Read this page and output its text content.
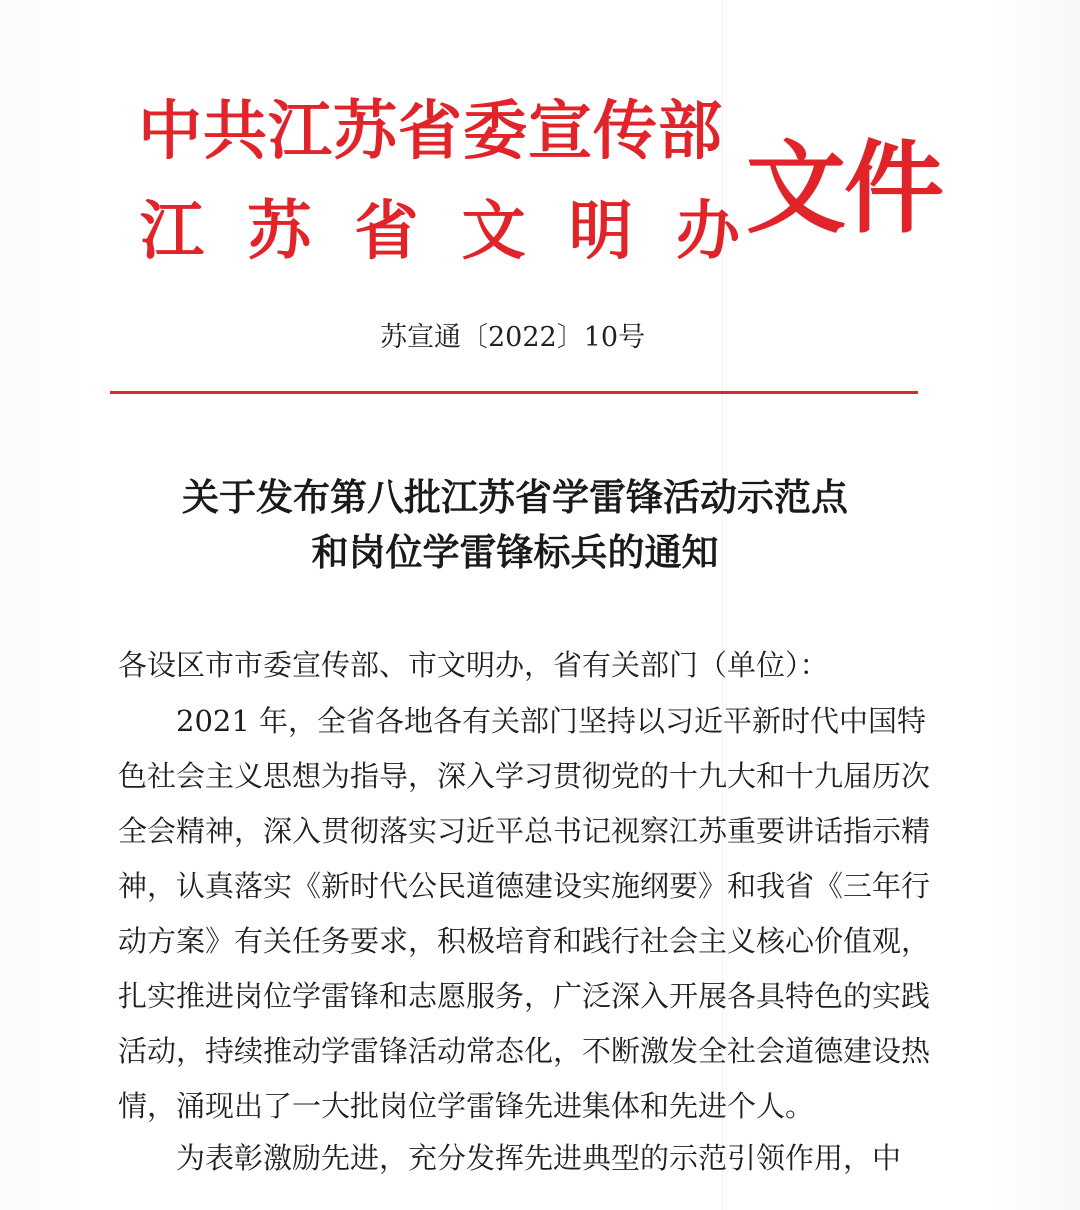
中共江苏省委宣传部
江 苏 省 文 明 办 文件
苏宣通〔2022〕10号
关于发布第八批江苏省学雷锋活动示范点
和岗位学雷锋标兵的通知
各设区市市委宣传部、市文明办，省有关部门（单位）：
2021 年，全省各地各有关部门坚持以习近平新时代中国特
色社会主义思想为指导，深入学习贯彻党的十九大和十九届历次
全会精神，深入贯彻落实习近平总书记视察江苏重要讲话指示精
神，认真落实《新时代公民道德建设实施纲要》和我省《三年行
动方案》有关任务要求，积极培育和践行社会主义核心价值观，
扎实推进岗位学雷锋和志愿服务，广泛深入开展各具特色的实践
活动，持续推动学雷锋活动常态化，不断激发全社会道德建设热
情，涌现出了一大批岗位学雷锋先进集体和先进个人。
为表彰激励先进，充分发挥先进典型的示范引领作用，中
